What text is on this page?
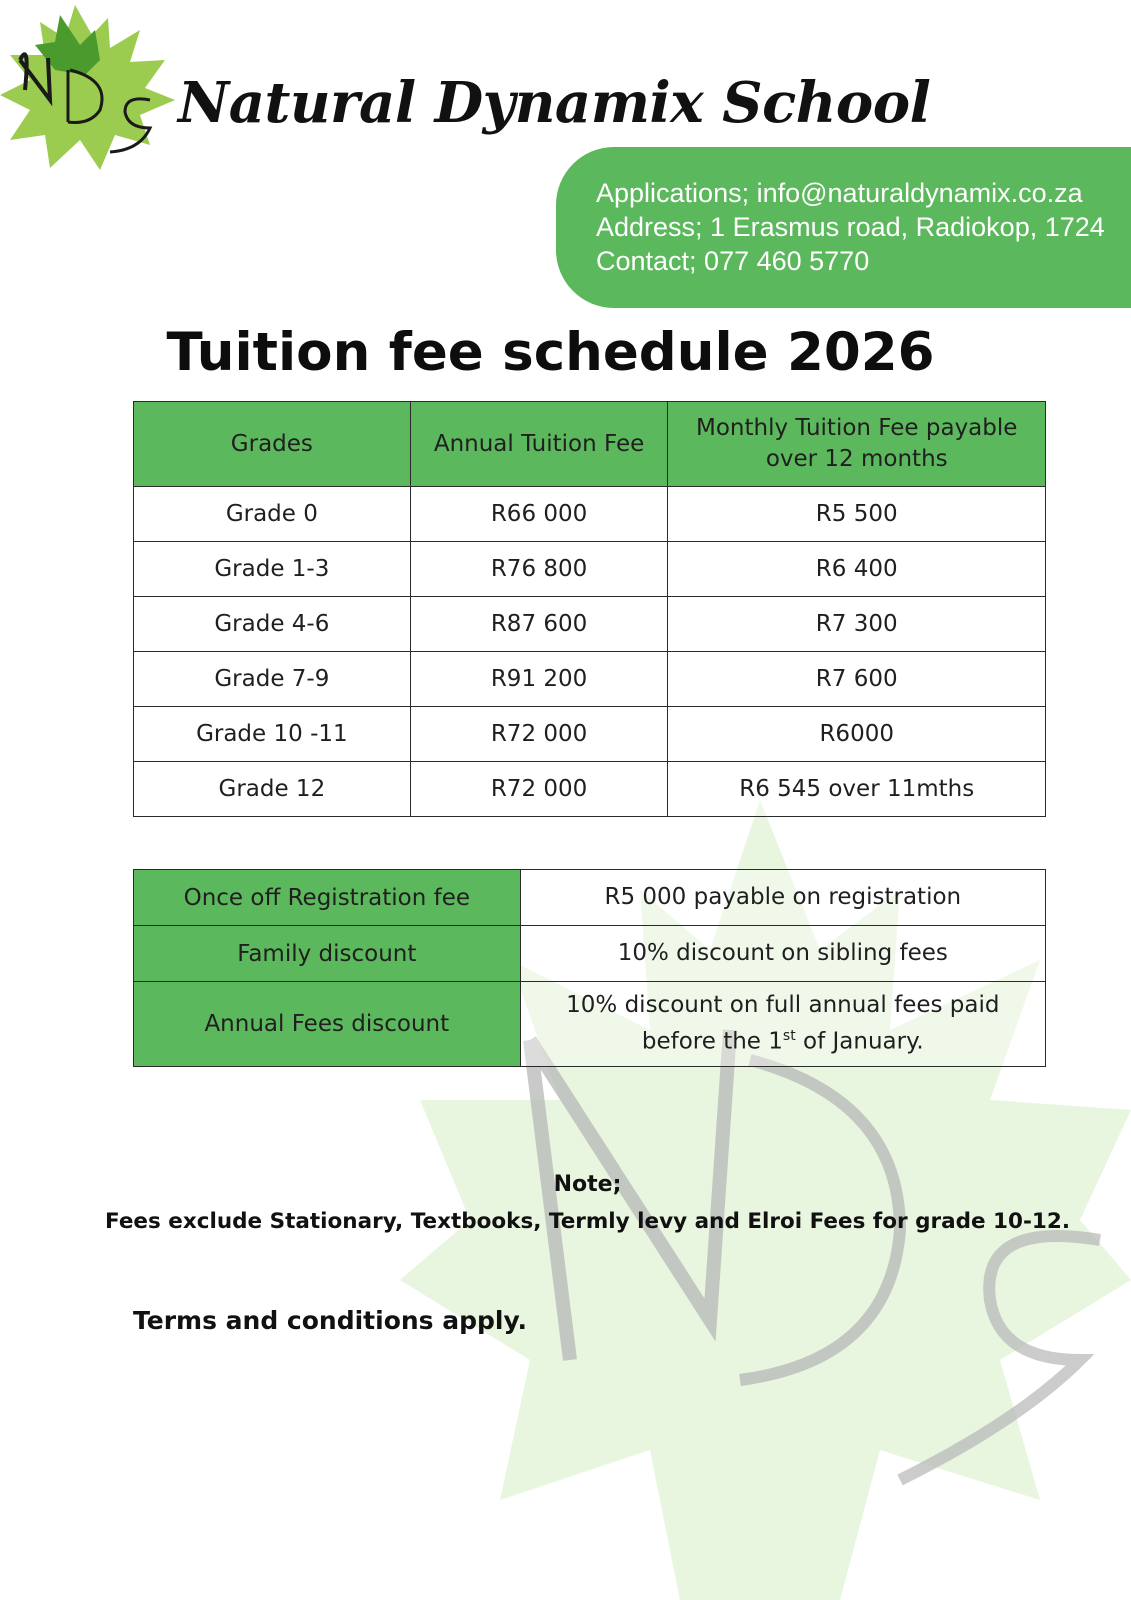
Natural Dynamix School
Applications; info@naturaldynamix.co.za
Address; 1 Erasmus road, Radiokop, 1724
Contact; 077 460 5770
Tuition fee schedule 2026
Grades	Annual Tuition Fee	Monthly Tuition Fee payable over 12 months
Grade 0	R66 000	R5 500
Grade 1-3	R76 800	R6 400
Grade 4-6	R87 600	R7 300
Grade 7-9	R91 200	R7 600
Grade 10 -11	R72 000	R6000
Grade 12	R72 000	R6 545 over 11mths
Once off Registration fee	R5 000 payable on registration
Family discount	10% discount on sibling fees
Annual Fees discount	10% discount on full annual fees paid
before the 1st of January.
Note;
Fees exclude Stationary, Textbooks, Termly levy and Elroi Fees for grade 10-12.
Terms and conditions apply.
